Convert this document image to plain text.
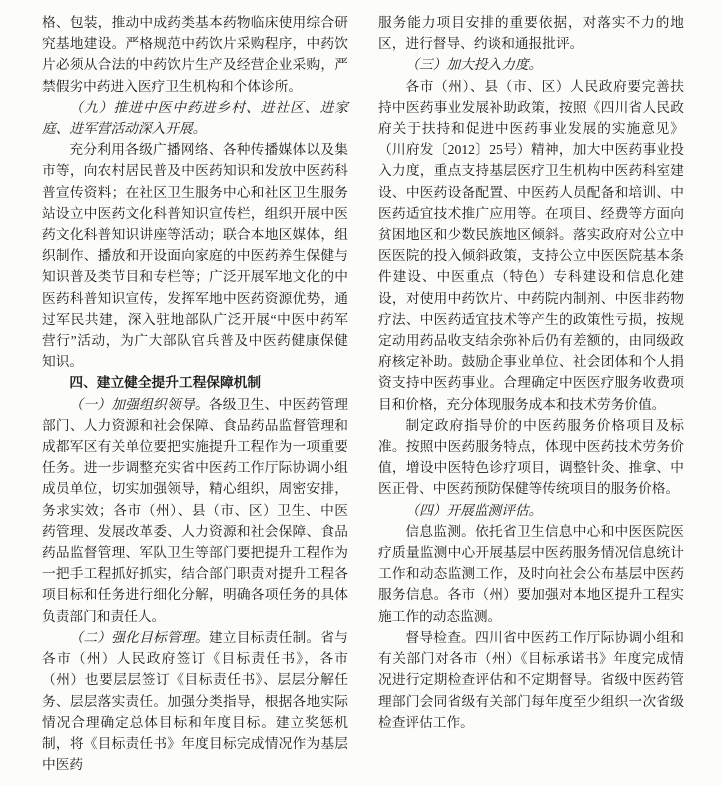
格、包装，推动中成药类基本药物临床使用综合研究基地建设。严格规范中药饮片采购程序，中药饮片必须从合法的中药饮片生产及经营企业采购，严禁假劣中药进入医疗卫生机构和个体诊所。

（九）推进中医中药进乡村、进社区、进家庭、进军营活动深入开展。

充分利用各级广播网络、各种传播媒体以及集市等，向农村居民普及中医药知识和发放中医药科普宣传资料；在社区卫生服务中心和社区卫生服务站设立中医药文化科普知识宣传栏，组织开展中医药文化科普知识讲座等活动；联合本地区媒体，组织制作、播放和开设面向家庭的中医药养生保健与知识普及类节目和专栏等；广泛开展军地文化的中医药科普知识宣传，发挥军地中医药资源优势，通过军民共建，深入驻地部队广泛开展“中医中药军营行”活动，为广大部队官兵普及中医药健康保健知识。

四、建立健全提升工程保障机制

（一）加强组织领导。各级卫生、中医药管理部门、人力资源和社会保障、食品药品监督管理和成都军区有关单位要把实施提升工程作为一项重要任务。进一步调整充实省中医药工作厅际协调小组成员单位，切实加强领导，精心组织，周密安排，务求实效；各市（州）、县（市、区）卫生、中医药管理、发展改革委、人力资源和社会保障、食品药品监督管理、军队卫生等部门要把提升工程作为一把手工程抓好抓实，结合部门职责对提升工程各项目标和任务进行细化分解，明确各项任务的具体负责部门和责任人。

（二）强化目标管理。建立目标责任制。省与各市（州）人民政府签订《目标责任书》，各市（州）也要层层签订《目标责任书》、层层分解任务、层层落实责任。加强分类指导，根据各地实际情况合理确定总体目标和年度目标。建立奖惩机制，将《目标责任书》年度目标完成情况作为基层中医药

服务能力项目安排的重要依据，对落实不力的地区，进行督导、约谈和通报批评。

（三）加大投入力度。

各市（州）、县（市、区）人民政府要完善扶持中医药事业发展补助政策，按照《四川省人民政府关于扶持和促进中医药事业发展的实施意见》（川府发〔2012〕25号）精神，加大中医药事业投入力度，重点支持基层医疗卫生机构中医药科室建设、中医药设备配置、中医药人员配备和培训、中医药适宜技术推广应用等。在项目、经费等方面向贫困地区和少数民族地区倾斜。落实政府对公立中医医院的投入倾斜政策，支持公立中医医院基本条件建设、中医重点（特色）专科建设和信息化建设，对使用中药饮片、中药院内制剂、中医非药物疗法、中医药适宜技术等产生的政策性亏损，按规定动用药品收支结余弥补后仍有差额的，由同级政府核定补助。鼓励企事业单位、社会团体和个人捐资支持中医药事业。合理确定中医医疗服务收费项目和价格，充分体现服务成本和技术劳务价值。

制定政府指导价的中医药服务价格项目及标准。按照中医药服务特点，体现中医药技术劳务价值，增设中医特色诊疗项目，调整针灸、推拿、中医正骨、中医药预防保健等传统项目的服务价格。

（四）开展监测评估。

信息监测。依托省卫生信息中心和中医医院医疗质量监测中心开展基层中医药服务情况信息统计工作和动态监测工作，及时向社会公布基层中医药服务信息。各市（州）要加强对本地区提升工程实施工作的动态监测。

督导检查。四川省中医药工作厅际协调小组和有关部门对各市（州）《目标承诺书》年度完成情况进行定期检查评估和不定期督导。省级中医药管理部门会同省级有关部门每年度至少组织一次省级检查评估工作。
